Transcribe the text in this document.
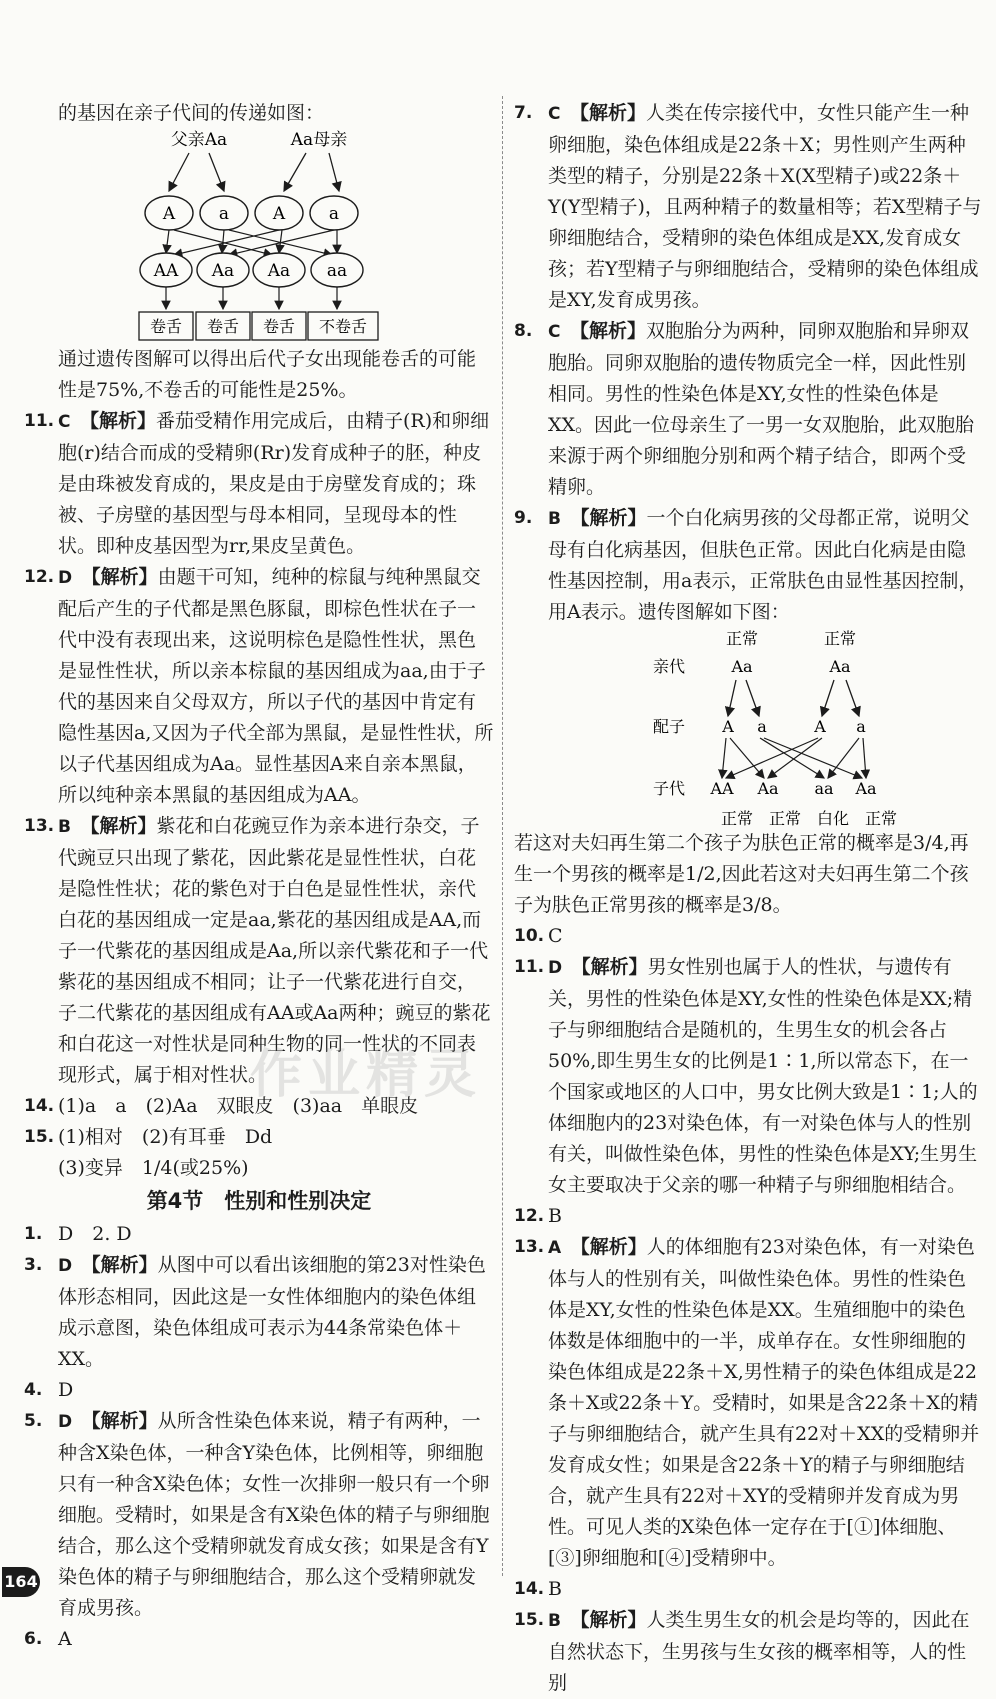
的基因在亲子代间的传递如图：

父亲Aa	Aa母亲
A	a	A	a
AA Aa Aa aa
卷舌 卷舌 卷舌 不卷舌

通过遗传图解可以得出后代子女出现能卷舌的可能性是75%,不卷舌的可能性是25%。

11. C　 【解析】番茄受精作用完成后，由精子(R)和卵细胞(r)结合而成的受精卵(Rr)发育成种子的胚，种皮是由珠被发育成的，果皮是由于房壁发育成的；珠被、子房壁的基因型与母本相同，呈现母本的性状。即种皮基因型为rr,果皮呈黄色。

12. D　 【解析】由题干可知，纯种的棕鼠与纯种黑鼠交配后产生的子代都是黑色豚鼠，即棕色性状在子一代中没有表现出来，这说明棕色是隐性性状，黑色是显性性状，所以亲本棕鼠的基因组成为aa,由于子代的基因来自父母双方，所以子代的基因中肯定有隐性基因a,又因为子代全部为黑鼠，是显性性状，所以子代基因组成为Aa。显性基因A来自亲本黑鼠，所以纯种亲本黑鼠的基因组成为AA。

13. B　 【解析】紫花和白花豌豆作为亲本进行杂交，子代豌豆只出现了紫花，因此紫花是显性性状，白花是隐性性状；花的紫色对于白色是显性性状，亲代白花的基因组成一定是aa,紫花的基因组成是AA,而子一代紫花的基因组成是Aa,所以亲代紫花和子一代紫花的基因组成不相同；让子一代紫花进行自交，子二代紫花的基因组成有AA或Aa两种；豌豆的紫花和白花这一对性状是同种生物的同一性状的不同表现形式，属于相对性状。

14. (1)a　a　(2)Aa　双眼皮　(3)aa　单眼皮

15. (1)相对　(2)有耳垂　Dd
(3)变异　1/4(或25%)

第4节　性别和性别决定

1. D　2. D

3. D　 【解析】从图中可以看出该细胞的第23对性染色体形态相同，因此这是一女性体细胞内的染色体组成示意图，染色体组成可表示为44条常染色体＋XX。

4. D

5. D　 【解析】从所含性染色体来说，精子有两种，一种含X染色体，一种含Y染色体，比例相等，卵细胞只有一种含X染色体；女性一次排卵一般只有一个卵细胞。受精时，如果是含有X染色体的精子与卵细胞结合，那么这个受精卵就发育成女孩；如果是含有Y染色体的精子与卵细胞结合，那么这个受精卵就发育成男孩。

6. A

7. C　 【解析】人类在传宗接代中，女性只能产生一种卵细胞，染色体组成是22条＋X；男性则产生两种类型的精子，分别是22条＋X(X型精子)或22条＋Y(Y型精子)，且两种精子的数量相等；若X型精子与卵细胞结合，受精卵的染色体组成是XX,发育成女孩；若Y型精子与卵细胞结合，受精卵的染色体组成是XY,发育成男孩。

8. C　 【解析】双胞胎分为两种，同卵双胞胎和异卵双胞胎。同卵双胞胎的遗传物质完全一样，因此性别相同。男性的性染色体是XY,女性的性染色体是XX。因此一位母亲生了一男一女双胞胎，此双胞胎来源于两个卵细胞分别和两个精子结合，即两个受精卵。

9. B　 【解析】一个白化病男孩的父母都正常，说明父母有白化病基因，但肤色正常。因此白化病是由隐性基因控制，用a表示，正常肤色由显性基因控制，用A表示。遗传图解如下图：

正常	正常
亲代	Aa	Aa
配子 A a	A a
子代 AA Aa aa Aa
正常　正常　白化　正常

若这对夫妇再生第二个孩子为肤色正常的概率是3/4,再生一个男孩的概率是1/2,因此若这对夫妇再生第二个孩子为肤色正常男孩的概率是3/8。

10. C

11. D　 【解析】男女性别也属于人的性状，与遗传有关，男性的性染色体是XY,女性的性染色体是XX;精子与卵细胞结合是随机的，生男生女的机会各占50%,即生男生女的比例是1∶1,所以常态下，在一个国家或地区的人口中，男女比例大致是1∶1;人的体细胞内的23对染色体，有一对染色体与人的性别有关，叫做性染色体，男性的性染色体是XY;生男生女主要取决于父亲的哪一种精子与卵细胞相结合。

12. B

13. A　 【解析】人的体细胞有23对染色体，有一对染色体与人的性别有关，叫做性染色体。男性的性染色体是XY,女性的性染色体是XX。生殖细胞中的染色体数是体细胞中的一半，成单存在。女性卵细胞的染色体组成是22条＋X,男性精子的染色体组成是22条＋X或22条＋Y。受精时，如果是含22条＋X的精子与卵细胞结合，就产生具有22对＋XX的受精卵并发育成女性；如果是含22条＋Y的精子与卵细胞结合，就产生具有22对＋XY的受精卵并发育成为男性。可见人类的X染色体一定存在于[①]体细胞、[③]卵细胞和[④]受精卵中。

14. B

15. B　 【解析】人类生男生女的机会是均等的，因此在自然状态下，生男孩与生女孩的概率相等，人的性别

作业精灵
164
